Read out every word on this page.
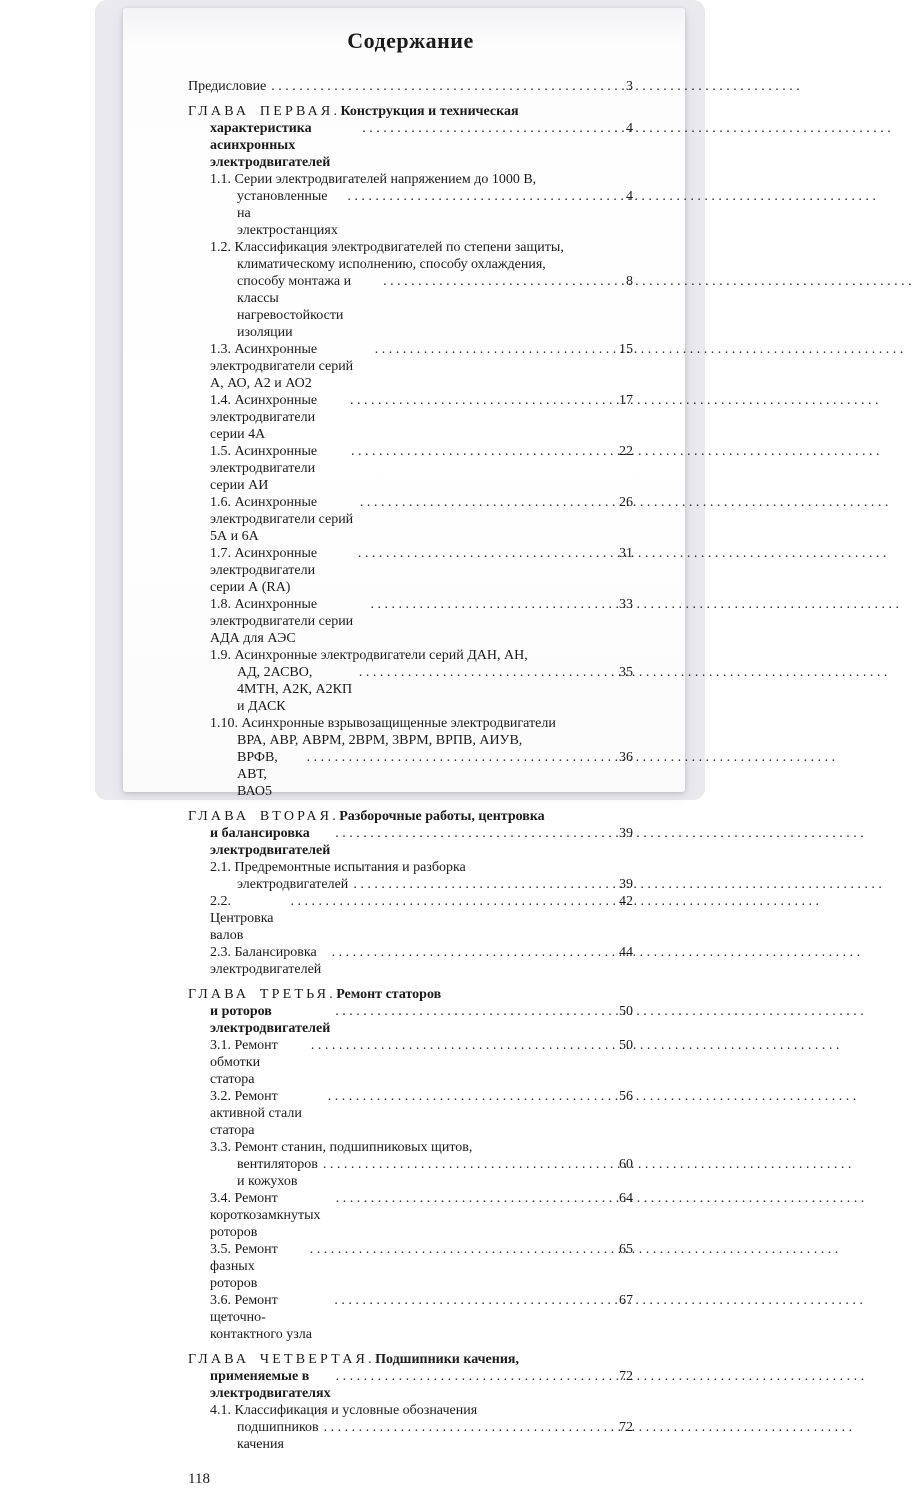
Содержание
Предисловие . . .	3
ГЛАВА ПЕРВАЯ. Конструкция и техническая
характеристика асинхронных электродвигателей
. . .
4
1.1. Серии электродвигателей напряжением до 1000 В,
установленные на электростанциях
. . .
4
1.2. Классификация электродвигателей по степени защиты,
климатическому исполнению, способу охлаждения,
способу монтажа и классы нагревостойкости изоляции
. . .
8
1.3. Асинхронные электродвигатели серий А, АО, А2 и АО2
. . .
15
1.4. Асинхронные электродвигатели серии 4А
. . .
17
1.5. Асинхронные электродвигатели серии АИ
. . .
22
1.6. Асинхронные электродвигатели серий 5А и 6А
. . .
26
1.7. Асинхронные электродвигатели серии А (RA)
. . .
31
1.8. Асинхронные электродвигатели серии АДА для АЭС
. . .
33
1.9. Асинхронные электродвигатели серий ДАН, АН,
АД, 2АСВО, 4МТН, А2К, А2КП и ДАСК
. . .
35
1.10. Асинхронные взрывозащищенные электродвигатели
ВРА, АВР, АВРМ, 2ВРМ, 3ВРМ, ВРПВ, АИУВ,
ВРФВ, АВТ, ВАО5
. . .
36
ГЛАВА ВТОРАЯ. Разборочные работы, центровка
и балансировка электродвигателей
. . .
39
2.1. Предремонтные испытания и разборка
электродвигателей . . .	39
2.2. Центровка валов
. . .
42
2.3. Балансировка электродвигателей
. . .
44
ГЛАВА ТРЕТЬЯ. Ремонт статоров
и роторов электродвигателей
. . .
50
3.1. Ремонт обмотки статора
. . .
50
3.2. Ремонт активной стали статора
. . .
56
3.3. Ремонт станин, подшипниковых щитов,
вентиляторов и кожухов
. . .
60
3.4. Ремонт короткозамкнутых роторов
. . .
64
3.5. Ремонт фазных роторов
. . .
65
3.6. Ремонт щеточно-контактного узла
. . .
67
ГЛАВА ЧЕТВЕРТАЯ. Подшипники качения,
применяемые в электродвигателях
. . .
72
4.1. Классификация и условные обозначения
подшипников качения
. . .
72
118
